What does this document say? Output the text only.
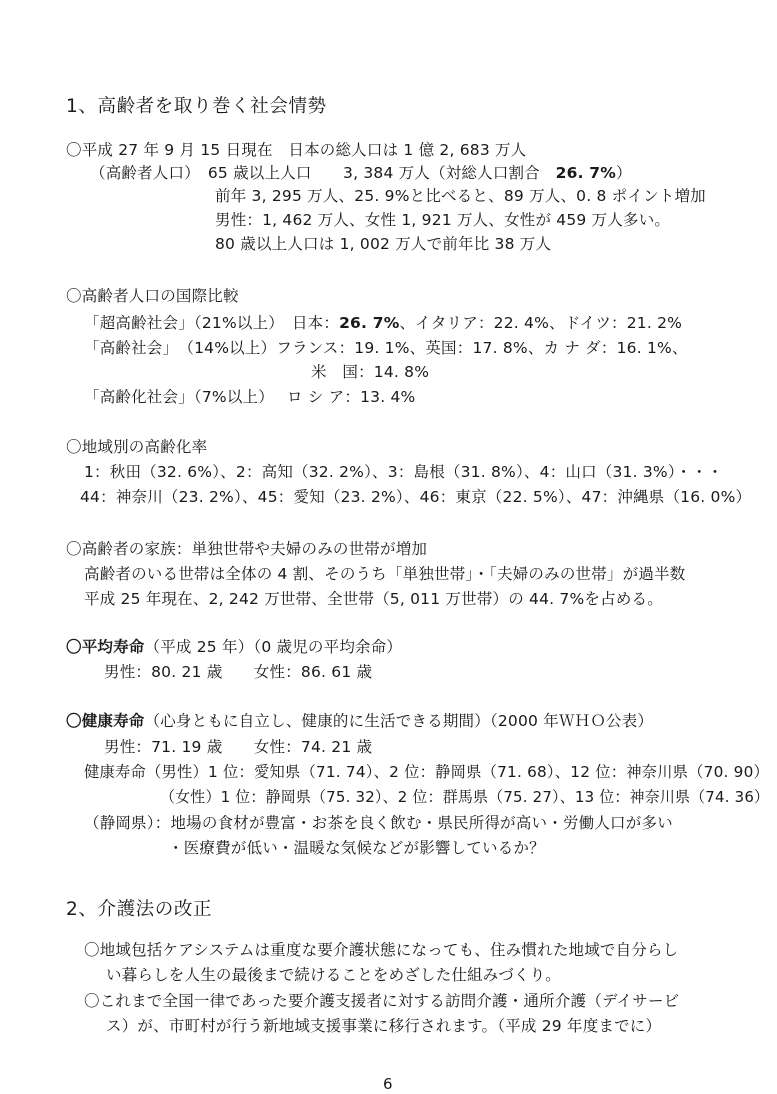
1、高齢者を取り巻く社会情勢
〇平成 27 年 9 月 15 日現在　日本の総人口は 1 億 2, 683 万人
（高齢者人口）　65 歳以上人口　　3, 384 万人（対総人口割合　26. 7%）
前年 3, 295 万人、25. 9%と比べると、89 万人、0. 8 ポイント増加
男性：1, 462 万人、女性 1, 921 万人、女性が 459 万人多い。
80 歳以上人口は 1, 002 万人で前年比 38 万人
〇高齢者人口の国際比較
「超高齢社会」（21%以上）　日本：26. 7%、イタリア：22. 4%、ドイツ：21. 2%
「高齢社会」　（14%以上）フランス：19. 1%、英国：17. 8%、カ ナ ダ：16. 1%、
米　国：14. 8%
「高齢化社会」（7%以上）　 ロ シ ア：13. 4%
〇地域別の高齢化率
1：秋田（32. 6%）、2：高知（32. 2%）、3：島根（31. 8%）、4：山口（31. 3%）・・・
44：神奈川（23. 2%）、45：愛知（23. 2%）、46：東京（22. 5%）、47：沖縄県（16. 0%）
〇高齢者の家族：単独世帯や夫婦のみの世帯が増加
高齢者のいる世帯は全体の 4 割、そのうち「単独世帯」・「夫婦のみの世帯」が過半数
平成 25 年現在、2, 242 万世帯、全世帯（5, 011 万世帯）の 44. 7%を占める。
〇平均寿命（平成 25 年）（0 歳児の平均余命）
男性：80. 21 歳　　女性：86. 61 歳
〇健康寿命（心身ともに自立し、健康的に生活できる期間）（2000 年ＷＨＯ公表）
男性：71. 19 歳　　女性：74. 21 歳
健康寿命（男性）1 位：愛知県（71. 74）、2 位：静岡県（71. 68）、12 位：神奈川県（70. 90）
（女性）1 位：静岡県（75. 32）、2 位：群馬県（75. 27）、13 位：神奈川県（74. 36）
（静岡県）：地場の食材が豊富・お茶を良く飲む・県民所得が高い・労働人口が多い
・医療費が低い・温暖な気候などが影響しているか？
2、介護法の改正
〇地域包括ケアシステムは重度な要介護状態になっても、住み慣れた地域で自分らし
い暮らしを人生の最後まで続けることをめざした仕組みづくり。
〇これまで全国一律であった要介護支援者に対する訪問介護・通所介護（デイサービ
ス）が、市町村が行う新地域支援事業に移行されます。（平成 29 年度までに）
6
